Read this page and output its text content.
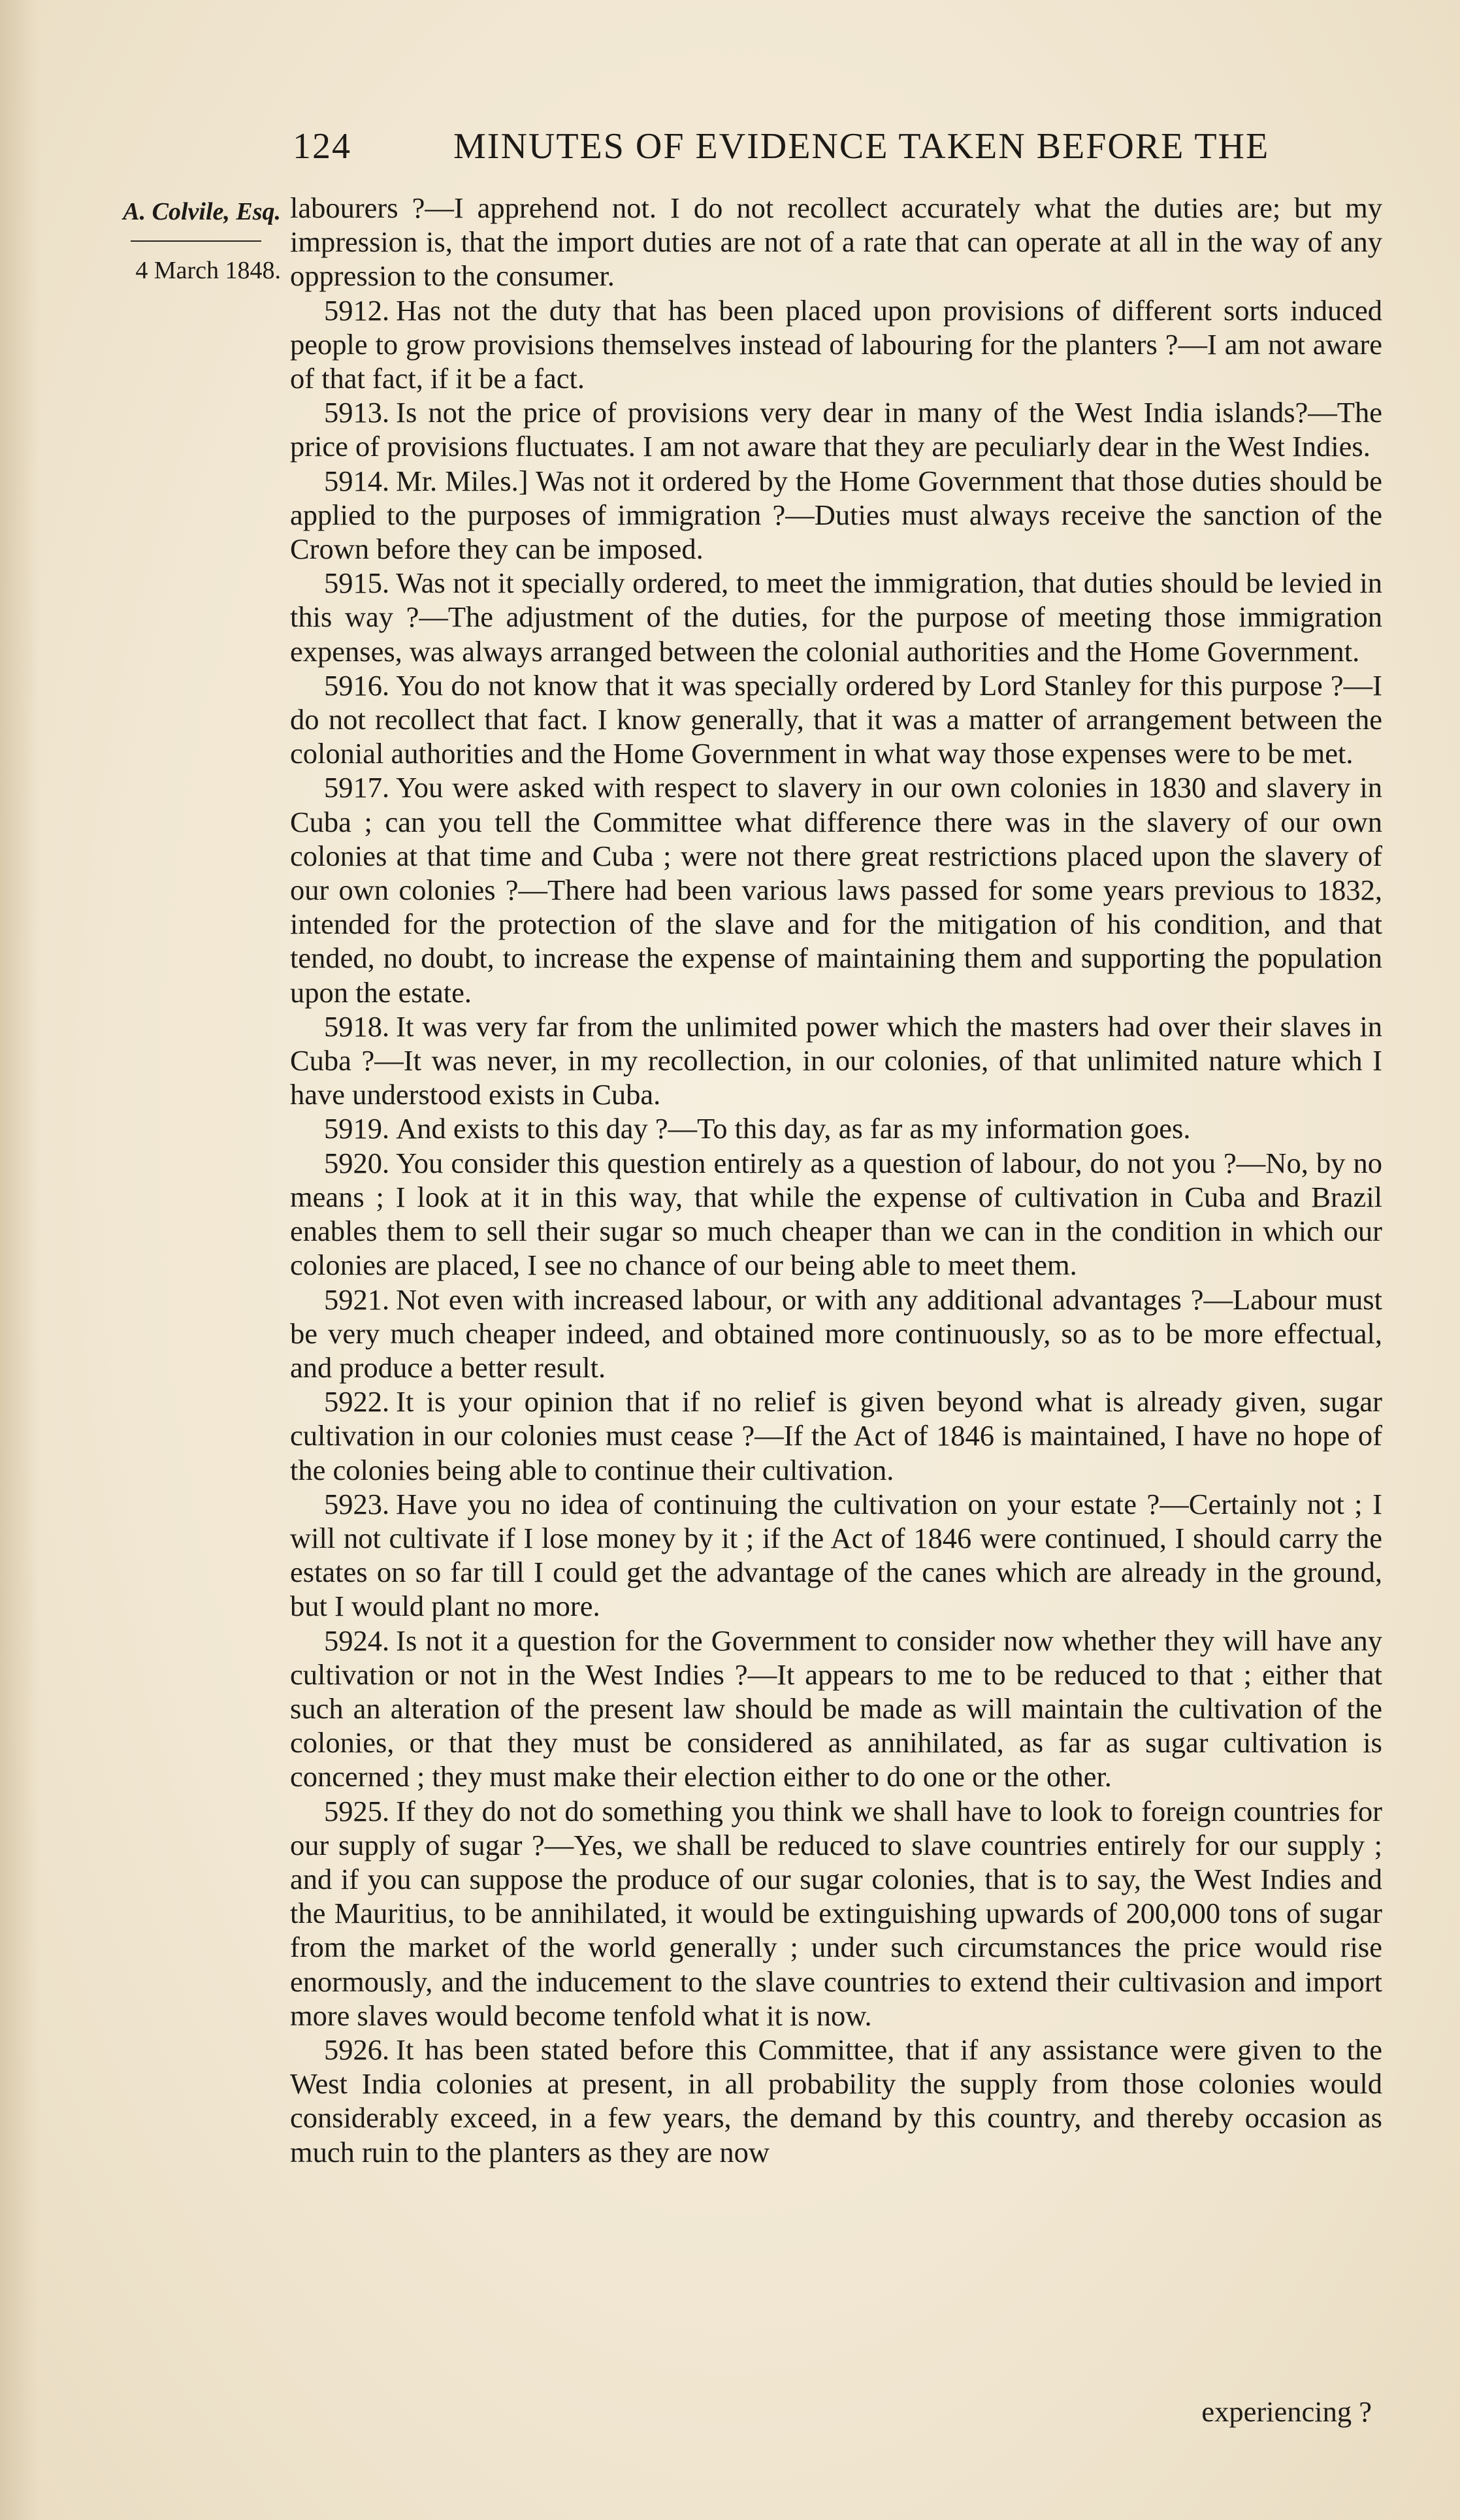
124	MINUTES OF EVIDENCE TAKEN BEFORE THE
A. Colvile, Esq.
4 March 1848.

labourers ?—I apprehend not. I do not recollect accurately what the duties are; but my impression is, that the import duties are not of a rate that can operate at all in the way of any oppression to the consumer.

5912. Has not the duty that has been placed upon provisions of different sorts induced people to grow provisions themselves instead of labouring for the planters ?—I am not aware of that fact, if it be a fact.

5913. Is not the price of provisions very dear in many of the West India islands?—The price of provisions fluctuates. I am not aware that they are peculiarly dear in the West Indies.

5914. Mr. Miles.] Was not it ordered by the Home Government that those duties should be applied to the purposes of immigration ?—Duties must always receive the sanction of the Crown before they can be imposed.

5915. Was not it specially ordered, to meet the immigration, that duties should be levied in this way ?—The adjustment of the duties, for the purpose of meeting those immigration expenses, was always arranged between the colonial authorities and the Home Government.

5916. You do not know that it was specially ordered by Lord Stanley for this purpose ?—I do not recollect that fact. I know generally, that it was a matter of arrangement between the colonial authorities and the Home Government in what way those expenses were to be met.

5917. You were asked with respect to slavery in our own colonies in 1830 and slavery in Cuba ; can you tell the Committee what difference there was in the slavery of our own colonies at that time and Cuba ; were not there great restrictions placed upon the slavery of our own colonies ?—There had been various laws passed for some years previous to 1832, intended for the protection of the slave and for the mitigation of his condition, and that tended, no doubt, to increase the expense of maintaining them and supporting the population upon the estate.

5918. It was very far from the unlimited power which the masters had over their slaves in Cuba ?—It was never, in my recollection, in our colonies, of that unlimited nature which I have understood exists in Cuba.

5919. And exists to this day ?—To this day, as far as my information goes.

5920. You consider this question entirely as a question of labour, do not you ?—No, by no means ; I look at it in this way, that while the expense of cultivation in Cuba and Brazil enables them to sell their sugar so much cheaper than we can in the condition in which our colonies are placed, I see no chance of our being able to meet them.

5921. Not even with increased labour, or with any additional advantages ?—Labour must be very much cheaper indeed, and obtained more continuously, so as to be more effectual, and produce a better result.

5922. It is your opinion that if no relief is given beyond what is already given, sugar cultivation in our colonies must cease ?—If the Act of 1846 is maintained, I have no hope of the colonies being able to continue their cultivation.

5923. Have you no idea of continuing the cultivation on your estate ?—Certainly not ; I will not cultivate if I lose money by it ; if the Act of 1846 were continued, I should carry the estates on so far till I could get the advantage of the canes which are already in the ground, but I would plant no more.

5924. Is not it a question for the Government to consider now whether they will have any cultivation or not in the West Indies ?—It appears to me to be reduced to that ; either that such an alteration of the present law should be made as will maintain the cultivation of the colonies, or that they must be considered as annihilated, as far as sugar cultivation is concerned ; they must make their election either to do one or the other.

5925. If they do not do something you think we shall have to look to foreign countries for our supply of sugar ?—Yes, we shall be reduced to slave countries entirely for our supply ; and if you can suppose the produce of our sugar colonies, that is to say, the West Indies and the Mauritius, to be annihilated, it would be extinguishing upwards of 200,000 tons of sugar from the market of the world generally ; under such circumstances the price would rise enormously, and the inducement to the slave countries to extend their cultivasion and import more slaves would become tenfold what it is now.

5926. It has been stated before this Committee, that if any assistance were given to the West India colonies at present, in all probability the supply from those colonies would considerably exceed, in a few years, the demand by this country, and thereby occasion as much ruin to the planters as they are now

experiencing ?
